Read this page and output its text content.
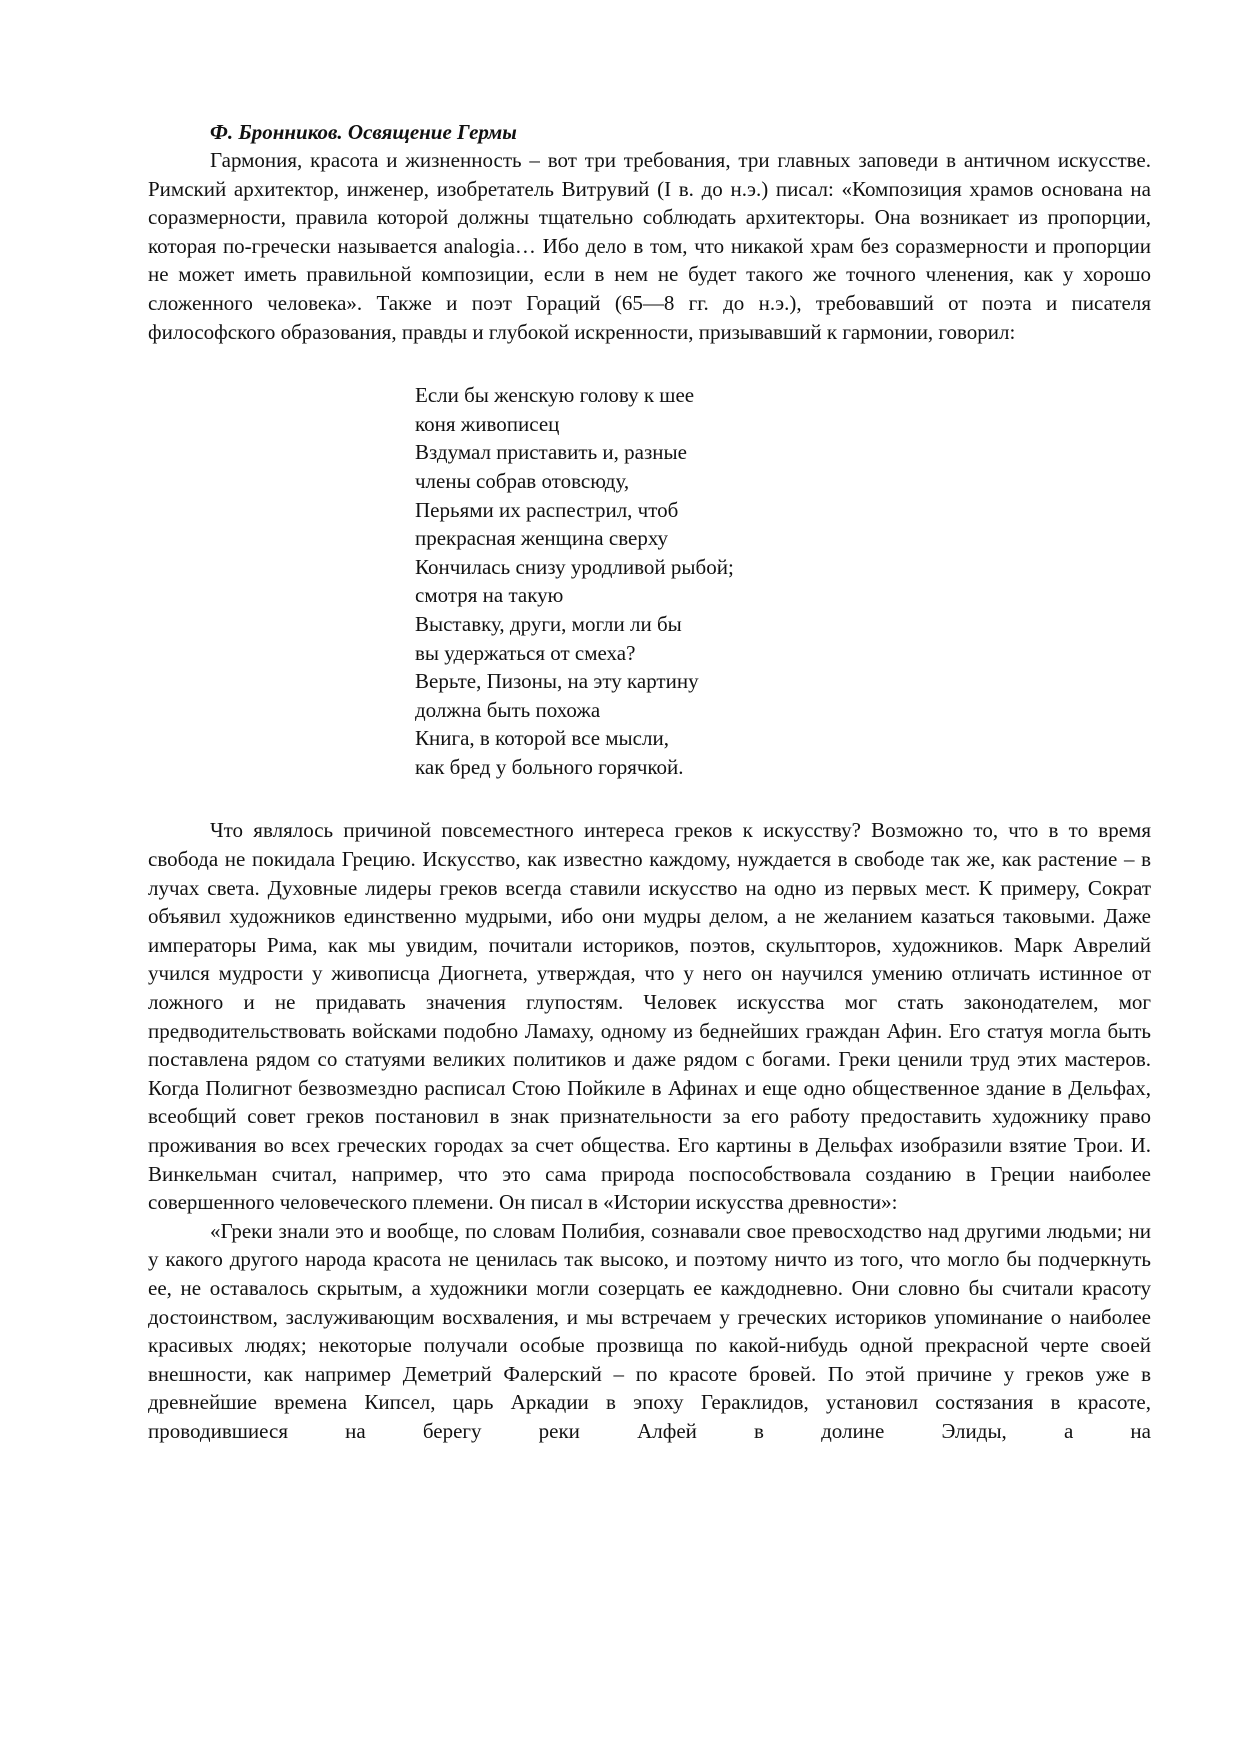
Ф. Бронников. Освящение Гермы

Гармония, красота и жизненность – вот три требования, три главных заповеди в античном искусстве. Римский архитектор, инженер, изобретатель Витрувий (I в. до н.э.) писал: «Композиция храмов основана на соразмерности, правила которой должны тщательно соблюдать архитекторы. Она возникает из пропорции, которая по-гречески называется analogia… Ибо дело в том, что никакой храм без соразмерности и пропорции не может иметь правильной композиции, если в нем не будет такого же точного членения, как у хорошо сложенного человека». Также и поэт Гораций (65—8 гг. до н.э.), требовавший от поэта и писателя философского образования, правды и глубокой искренности, призывавший к гармонии, говорил:

Если бы женскую голову к шее
коня живописец
Вздумал приставить и, разные
члены собрав отовсюду,
Перьями их распестрил, чтоб
прекрасная женщина сверху
Кончилась снизу уродливой рыбой;
смотря на такую
Выставку, други, могли ли бы
вы удержаться от смеха?
Верьте, Пизоны, на эту картину
должна быть похожа
Книга, в которой все мысли,
как бред у больного горячкой.

Что являлось причиной повсеместного интереса греков к искусству? Возможно то, что в то время свобода не покидала Грецию. Искусство, как известно каждому, нуждается в свободе так же, как растение – в лучах света. Духовные лидеры греков всегда ставили искусство на одно из первых мест. К примеру, Сократ объявил художников единственно мудрыми, ибо они мудры делом, а не желанием казаться таковыми. Даже императоры Рима, как мы увидим, почитали историков, поэтов, скульпторов, художников. Марк Аврелий учился мудрости у живописца Диогнета, утверждая, что у него он научился умению отличать истинное от ложного и не придавать значения глупостям. Человек искусства мог стать законодателем, мог предводительствовать войсками подобно Ламаху, одному из беднейших граждан Афин. Его статуя могла быть поставлена рядом со статуями великих политиков и даже рядом с богами. Греки ценили труд этих мастеров. Когда Полигнот безвозмездно расписал Стою Пойкиле в Афинах и еще одно общественное здание в Дельфах, всеобщий совет греков постановил в знак признательности за его работу предоставить художнику право проживания во всех греческих городах за счет общества. Его картины в Дельфах изобразили взятие Трои. И. Винкельман считал, например, что это сама природа поспособствовала созданию в Греции наиболее совершенного человеческого племени. Он писал в «Истории искусства древности»:

«Греки знали это и вообще, по словам Полибия, сознавали свое превосходство над другими людьми; ни у какого другого народа красота не ценилась так высоко, и поэтому ничто из того, что могло бы подчеркнуть ее, не оставалось скрытым, а художники могли созерцать ее каждодневно. Они словно бы считали красоту достоинством, заслуживающим восхваления, и мы встречаем у греческих историков упоминание о наиболее красивых людях; некоторые получали особые прозвища по какой-нибудь одной прекрасной черте своей внешности, как например Деметрий Фалерский – по красоте бровей. По этой причине у греков уже в древнейшие времена Кипсел, царь Аркадии в эпоху Гераклидов, установил состязания в красоте, проводившиеся на берегу реки Алфей в долине Элиды, а на
